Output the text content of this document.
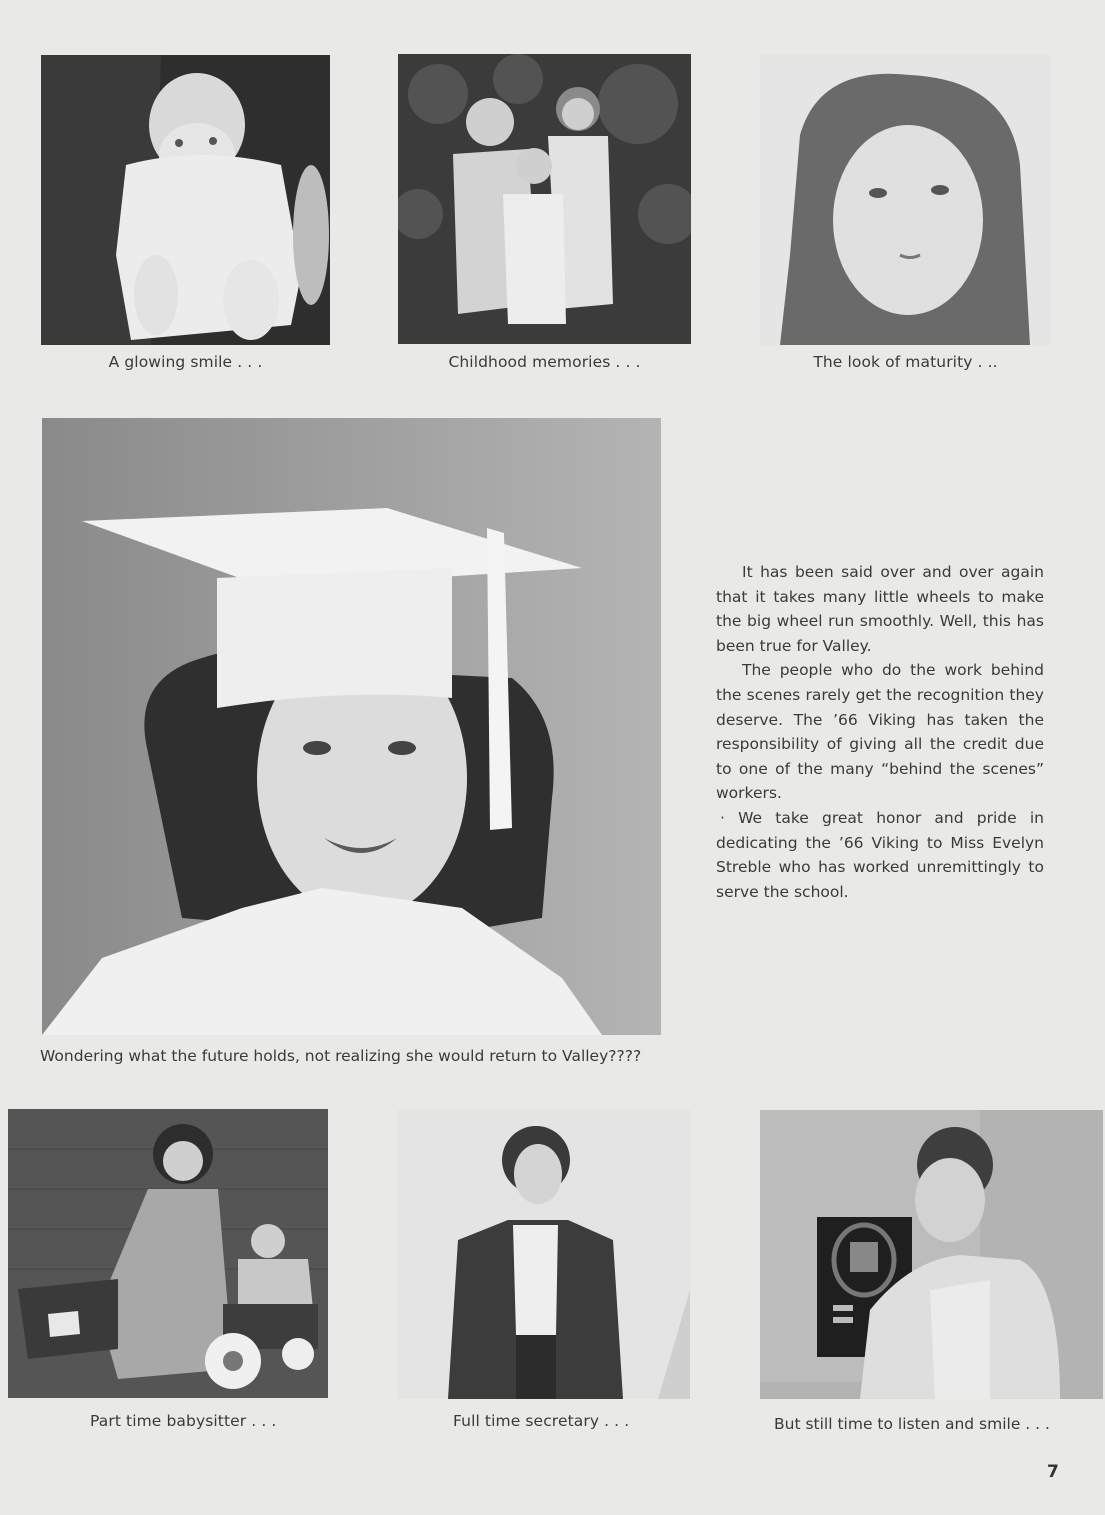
A glowing smile . . .	Childhood memories . . .	The look of maturity . ..
Wondering what the future holds, not realizing she would return to Valley????

It has been said over and over again that it takes many little wheels to make the big wheel run smoothly. Well, this has been true for Valley.

The people who do the work behind the scenes rarely get the recognition they deserve. The ’66 Viking has taken the responsibility of giving all the credit due to one of the many “behind the scenes” workers.

· We take great honor and pride in dedicating the ’66 Viking to Miss Evelyn Streble who has worked unremittingly to serve the school.

Part time babysitter . . .	Full time secretary . . .	But still time to listen and smile . . .
7
